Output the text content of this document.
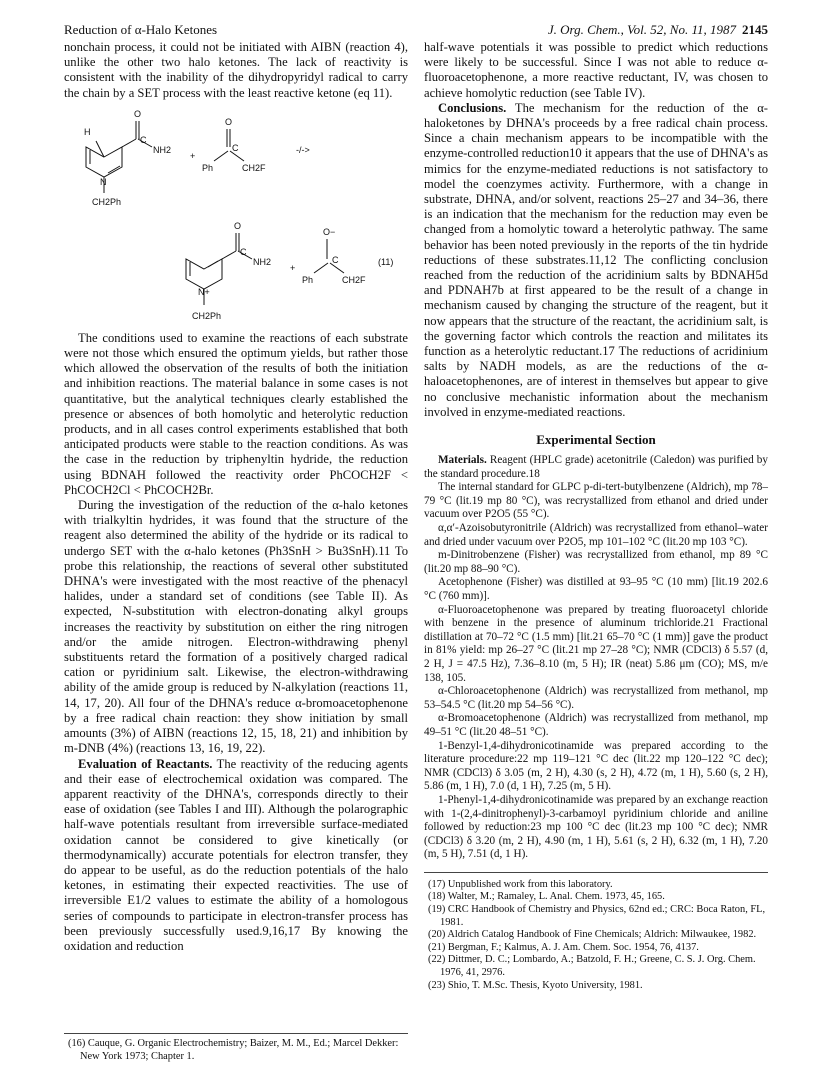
Reduction of α-Halo Ketones	J. Org. Chem., Vol. 52, No. 11, 1987 2145

nonchain process, it could not be initiated with AIBN (reaction 4), unlike the other two halo ketones. The lack of reactivity is consistent with the inability of the dihydropyridyl radical to carry the chain by a SET process with the least reactive ketone (eq 11).

H
O
C
NH2
N
CH2Ph
+
O
C
Ph	CH2F
-/->
O
C
NH2
N+
CH2Ph
+
O−
C
Ph	CH2F
(11)

The conditions used to examine the reactions of each substrate were not those which ensured the optimum yields, but rather those which allowed the observation of the results of both the initiation and inhibition reactions. The material balance in some cases is not quantitative, but the analytical techniques clearly established the presence or absences of both homolytic and heterolytic reduction products, and in all cases control experiments established that both anticipated products were stable to the reaction conditions. As was the case in the reduction by triphenyltin hydride, the reduction using BDNAH followed the reactivity order PhCOCH2F < PhCOCH2Cl < PhCOCH2Br.

During the investigation of the reduction of the α-halo ketones with trialkyltin hydrides, it was found that the structure of the reagent also determined the ability of the hydride or its radical to undergo SET with the α-halo ketones (Ph3SnH > Bu3SnH).11 To probe this relationship, the reactions of several other substituted DHNA's were investigated with the most reactive of the phenacyl halides, under a standard set of conditions (see Table II). As expected, N-substitution with electron-donating alkyl groups increases the reactivity by substitution on either the ring nitrogen and/or the amide nitrogen. Electron-withdrawing phenyl substituents retard the formation of a positively charged radical cation or pyridinium salt. Likewise, the electron-withdrawing ability of the amide group is reduced by N-alkylation (reactions 11, 14, 17, 20). All four of the DHNA's reduce α-bromoacetophenone by a free radical chain reaction: they show initiation by small amounts (3%) of AIBN (reactions 12, 15, 18, 21) and inhibition by m-DNB (4%) (reactions 13, 16, 19, 22).

Evaluation of Reactants. The reactivity of the reducing agents and their ease of electrochemical oxidation was compared. The apparent reactivity of the DHNA's, corresponds directly to their ease of oxidation (see Tables I and III). Although the polarographic half-wave potentials resultant from irreversible surface-mediated oxidation cannot be considered to give kinetically (or thermodynamically) accurate potentials for electron transfer, they do appear to be useful, as do the reduction potentials of the halo ketones, in estimating their expected reactivities. The use of irreversible E1/2 values to estimate the ability of a homologous series of compounds to participate in electron-transfer process has been previously successfully used.9,16,17 By knowing the oxidation and reduction

(16) Cauque, G. Organic Electrochemistry; Baizer, M. M., Ed.; Marcel Dekker: New York 1973; Chapter 1.

half-wave potentials it was possible to predict which reductions were likely to be successful. Since I was not able to reduce α-fluoroacetophenone, a more reactive reductant, IV, was chosen to achieve homolytic reduction (see Table IV).

Conclusions. The mechanism for the reduction of the α-haloketones by DHNA's proceeds by a free radical chain process. Since a chain mechanism appears to be incompatible with the enzyme-controlled reduction10 it appears that the use of DHNA's as mimics for the enzyme-mediated reductions is not satisfactory to model the coenzymes activity. Furthermore, with a change in substrate, DHNA, and/or solvent, reactions 25–27 and 34–36, there is an indication that the mechanism for the reduction may even be changed from a homolytic toward a heterolytic pathway. The same behavior has been noted previously in the reports of the tin hydride reductions of these substrates.11,12 The conflicting conclusion reached from the reduction of the acridinium salts by BDNAH5d and PDNAH7b at first appeared to be the result of a change in mechanism caused by changing the structure of the reagent, but it now appears that the structure of the reactant, the acridinium salt, is the governing factor which controls the reaction and militates its function as a heterolytic reductant.17 The reductions of acridinium salts by NADH models, as are the reductions of the α-haloacetophenones, are of interest in themselves but appear to give no conclusive mechanistic information about the mechanism involved in enzyme-mediated reactions.

Experimental Section

Materials. Reagent (HPLC grade) acetonitrile (Caledon) was purified by the standard procedure.18

The internal standard for GLPC p-di-tert-butylbenzene (Aldrich), mp 78–79 °C (lit.19 mp 80 °C), was recrystallized from ethanol and dried under vacuum over P2O5 (55 °C).

α,α′-Azoisobutyronitrile (Aldrich) was recrystallized from ethanol–water and dried under vacuum over P2O5, mp 101–102 °C (lit.20 mp 103 °C).

m-Dinitrobenzene (Fisher) was recrystallized from ethanol, mp 89 °C (lit.20 mp 88–90 °C).

Acetophenone (Fisher) was distilled at 93–95 °C (10 mm) [lit.19 202.6 °C (760 mm)].

α-Fluoroacetophenone was prepared by treating fluoroacetyl chloride with benzene in the presence of aluminum trichloride.21 Fractional distillation at 70–72 °C (1.5 mm) [lit.21 65–70 °C (1 mm)] gave the product in 81% yield: mp 26–27 °C (lit.21 mp 27–28 °C); NMR (CDCl3) δ 5.57 (d, 2 H, J = 47.5 Hz), 7.36–8.10 (m, 5 H); IR (neat) 5.86 μm (CO); MS, m/e 138, 105.

α-Chloroacetophenone (Aldrich) was recrystallized from methanol, mp 53–54.5 °C (lit.20 mp 54–56 °C).

α-Bromoacetophenone (Aldrich) was recrystallized from methanol, mp 49–51 °C (lit.20 48–51 °C).

1-Benzyl-1,4-dihydronicotinamide was prepared according to the literature procedure:22 mp 119–121 °C dec (lit.22 mp 120–122 °C dec); NMR (CDCl3) δ 3.05 (m, 2 H), 4.30 (s, 2 H), 4.72 (m, 1 H), 5.60 (s, 2 H), 5.86 (m, 1 H), 7.0 (d, 1 H), 7.25 (m, 5 H).

1-Phenyl-1,4-dihydronicotinamide was prepared by an exchange reaction with 1-(2,4-dinitrophenyl)-3-carbamoyl pyridinium chloride and aniline followed by reduction:23 mp 100 °C dec (lit.23 mp 100 °C dec); NMR (CDCl3) δ 3.20 (m, 2 H), 4.90 (m, 1 H), 5.61 (s, 2 H), 6.32 (m, 1 H), 7.20 (m, 5 H), 7.51 (d, 1 H).

(17) Unpublished work from this laboratory.
(18) Walter, M.; Ramaley, L. Anal. Chem. 1973, 45, 165.
(19) CRC Handbook of Chemistry and Physics, 62nd ed.; CRC: Boca Raton, FL, 1981.
(20) Aldrich Catalog Handbook of Fine Chemicals; Aldrich: Milwaukee, 1982.
(21) Bergman, F.; Kalmus, A. J. Am. Chem. Soc. 1954, 76, 4137.
(22) Dittmer, D. C.; Lombardo, A.; Batzold, F. H.; Greene, C. S. J. Org. Chem. 1976, 41, 2976.
(23) Shio, T. M.Sc. Thesis, Kyoto University, 1981.
